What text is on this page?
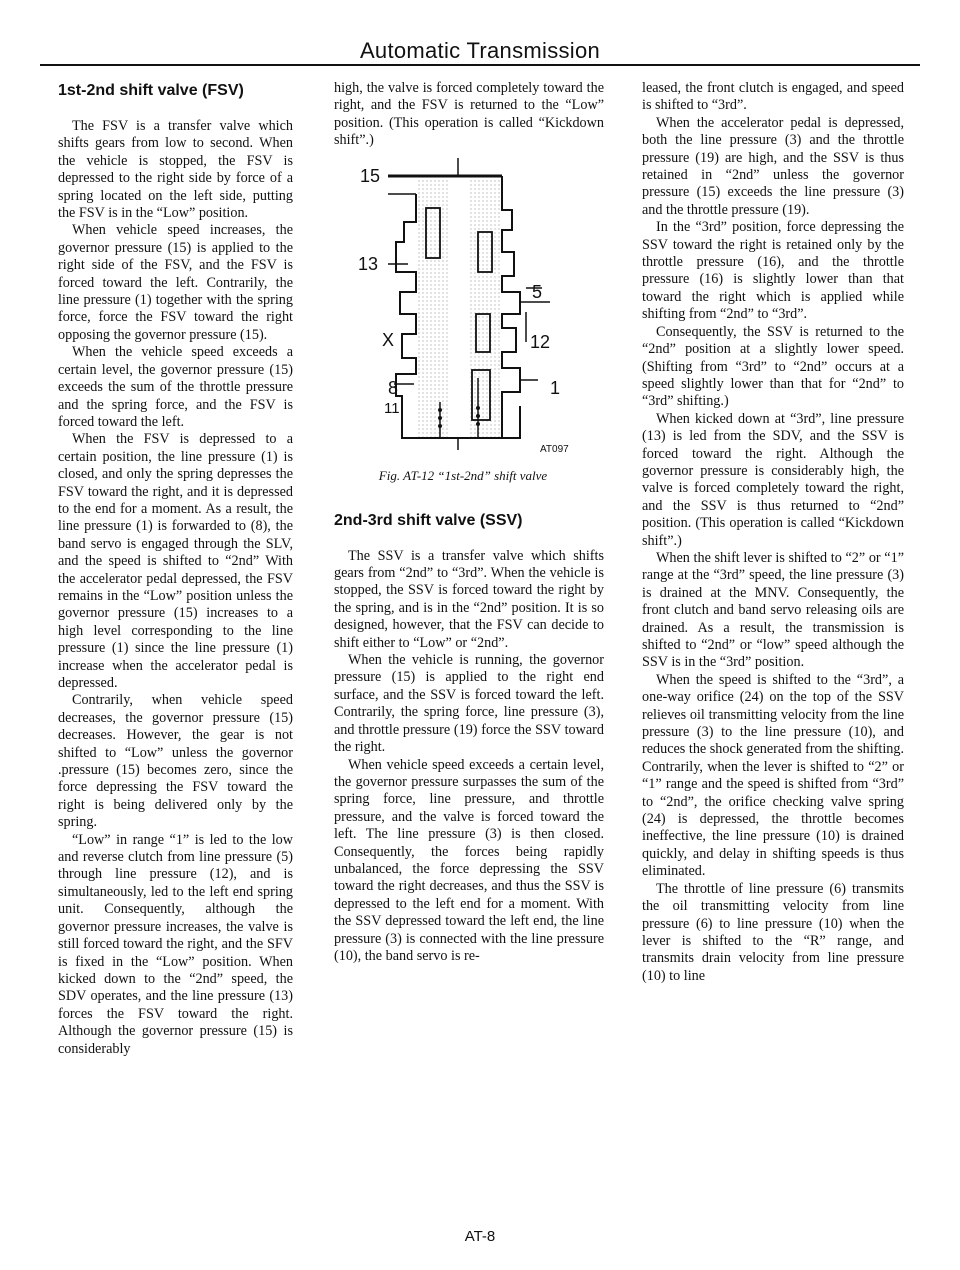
Automatic Transmission
1st-2nd shift valve (FSV)

The FSV is a transfer valve which shifts gears from low to second. When the vehicle is stopped, the FSV is depressed to the right side by force of a spring located on the left side, putting the FSV is in the “Low” position.

When vehicle speed increases, the governor pressure (15) is applied to the right side of the FSV, and the FSV is forced toward the left. Contrarily, the line pressure (1) together with the spring force, force the FSV toward the right opposing the governor pressure (15).

When the vehicle speed exceeds a certain level, the governor pressure (15) exceeds the sum of the throttle pressure and the spring force, and the FSV is forced toward the left.

When the FSV is depressed to a certain position, the line pressure (1) is closed, and only the spring depresses the FSV toward the right, and it is depressed to the end for a moment. As a result, the line pressure (1) is forwarded to (8), the band servo is engaged through the SLV, and the speed is shifted to “2nd” With the accelerator pedal depressed, the FSV remains in the “Low” position unless the governor pressure (15) increases to a high level corresponding to the line pressure (1) since the line pressure (1) increase when the accelerator pedal is depressed.

Contrarily, when vehicle speed decreases, the governor pressure (15) decreases. However, the gear is not shifted to “Low” unless the governor .pressure (15) becomes zero, since the force depressing the FSV toward the right is being delivered only by the spring.

“Low” in range “1” is led to the low and reverse clutch from line pressure (5) through line pressure (12), and is simultaneously, led to the left end spring unit. Consequently, although the governor pressure increases, the valve is still forced toward the right, and the SFV is fixed in the “Low” position. When kicked down to the “2nd” speed, the SDV operates, and the line pressure (13) forces the FSV toward the right. Although the governor pressure (15) is considerably

high, the valve is forced completely toward the right, and the FSV is returned to the “Low” position. (This operation is called “Kickdown shift”.)

15
13
5
X	12
8
11
1
AT097
Fig. AT-12 “1st-2nd” shift valve
2nd-3rd shift valve (SSV)

The SSV is a transfer valve which shifts gears from “2nd” to “3rd”. When the vehicle is stopped, the SSV is forced toward the right by the spring, and is in the “2nd” position. It is so designed, however, that the FSV can decide to shift either to “Low” or “2nd”.

When the vehicle is running, the governor pressure (15) is applied to the right end surface, and the SSV is forced toward the left. Contrarily, the spring force, line pressure (3), and throttle pressure (19) force the SSV toward the right.

When vehicle speed exceeds a certain level, the governor pressure surpasses the sum of the spring force, line pressure, and throttle pressure, and the valve is forced toward the left. The line pressure (3) is then closed. Consequently, the forces being rapidly unbalanced, the force depressing the SSV toward the right decreases, and thus the SSV is depressed to the left end for a moment. With the SSV depressed toward the left end, the line pressure (3) is connected with the line pressure (10), the band servo is re-

leased, the front clutch is engaged, and speed is shifted to “3rd”.

When the accelerator pedal is depressed, both the line pressure (3) and the throttle pressure (19) are high, and the SSV is thus retained in “2nd” unless the governor pressure (15) exceeds the line pressure (3) and the throttle pressure (19).

In the “3rd” position, force depressing the SSV toward the right is retained only by the throttle pressure (16), and the throttle pressure (16) is slightly lower than that toward the right which is applied while shifting from “2nd” to “3rd”.

Consequently, the SSV is returned to the “2nd” position at a slightly lower speed. (Shifting from “3rd” to “2nd” occurs at a speed slightly lower than that for “2nd” to “3rd” shifting.)

When kicked down at “3rd”, line pressure (13) is led from the SDV, and the SSV is forced toward the right. Although the governor pressure is considerably high, the valve is forced completely toward the right, and the SSV is thus returned to “2nd” position. (This operation is called “Kickdown shift”.)

When the shift lever is shifted to “2” or “1” range at the “3rd” speed, the line pressure (3) is drained at the MNV. Consequently, the front clutch and band servo releasing oils are drained. As a result, the transmission is shifted to “2nd” or “low” speed although the SSV is in the “3rd” position.

When the speed is shifted to the “3rd”, a one-way orifice (24) on the top of the SSV relieves oil transmitting velocity from the line pressure (3) to the line pressure (10), and reduces the shock generated from the shifting. Contrarily, when the lever is shifted to “2” or “1” range and the speed is shifted from “3rd” to “2nd”, the orifice checking valve spring (24) is depressed, the throttle becomes ineffective, the line pressure (10) is drained quickly, and delay in shifting speeds is thus eliminated.

The throttle of line pressure (6) transmits the oil transmitting velocity from line pressure (6) to line pressure (10) when the lever is shifted to the “R” range, and transmits drain velocity from line pressure (10) to line

AT-8
